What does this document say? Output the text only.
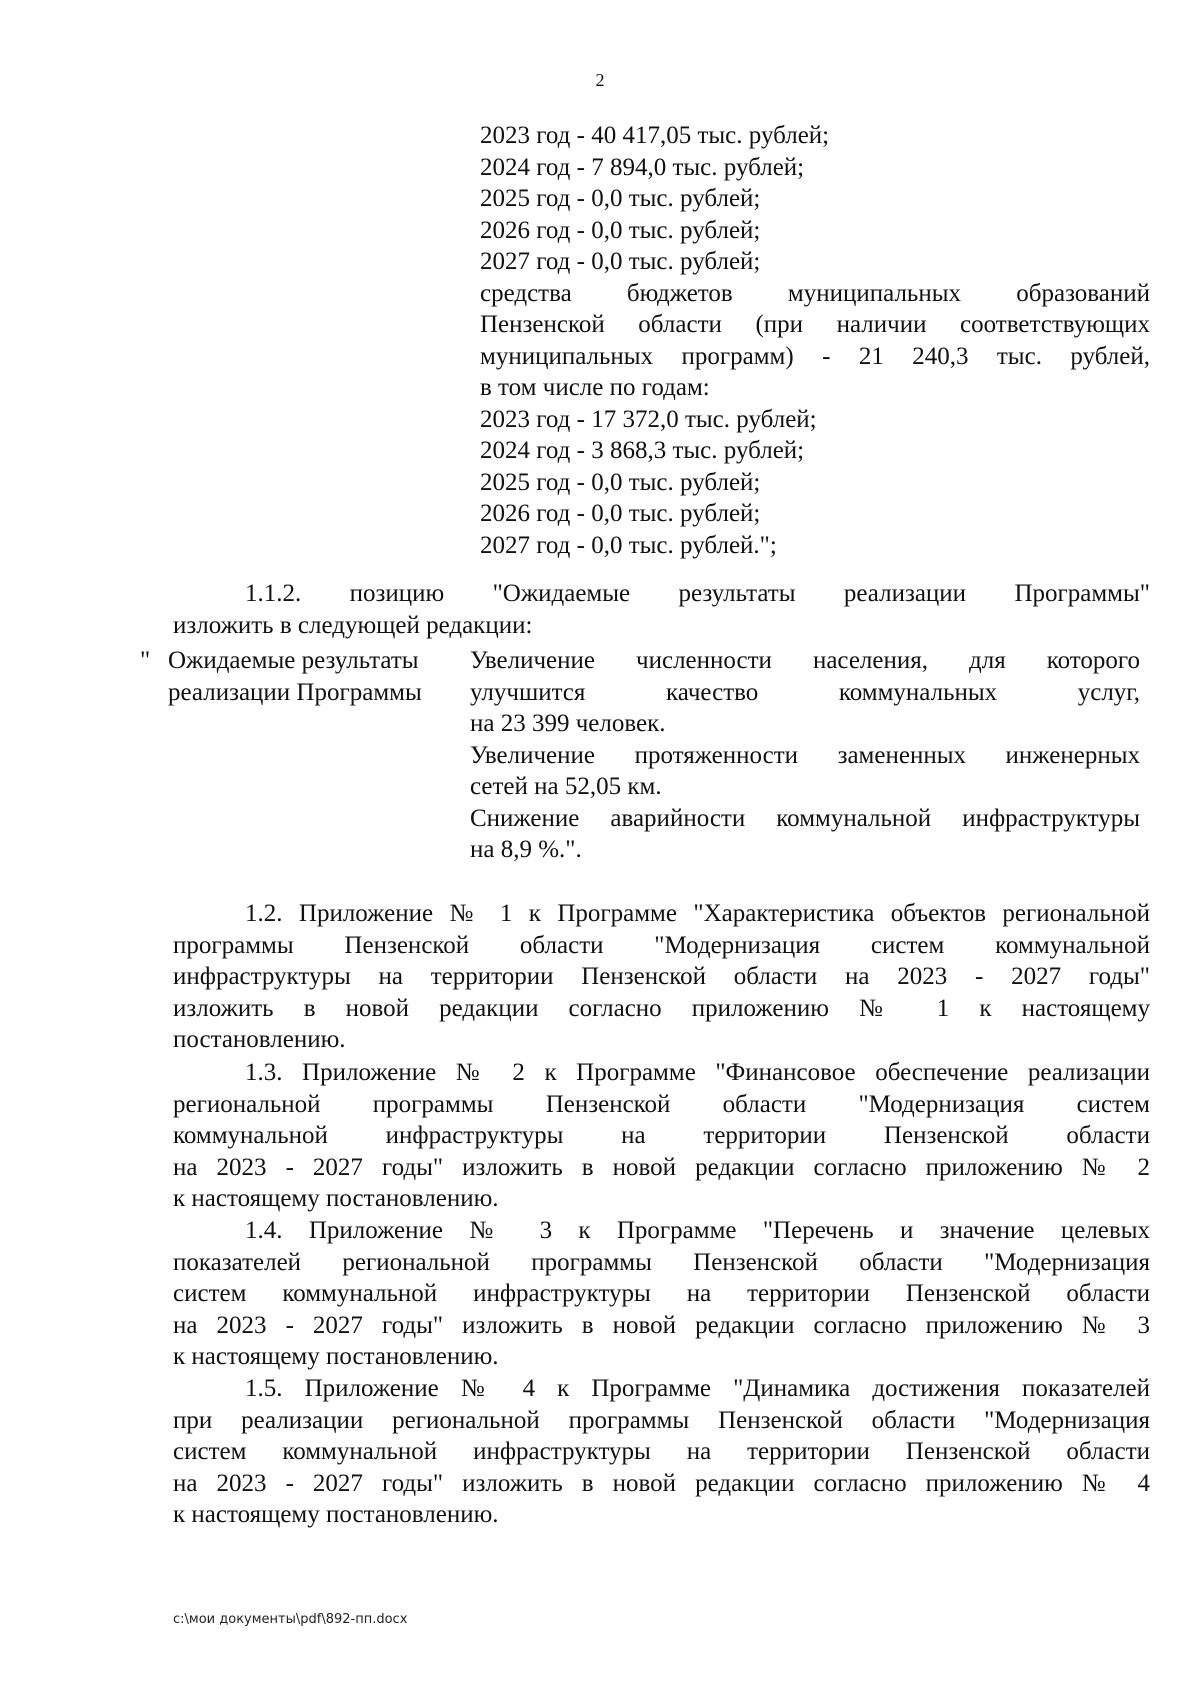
2
2023 год - 40 417,05 тыс. рублей;
2024 год - 7 894,0 тыс. рублей;
2025 год - 0,0 тыс. рублей;
2026 год - 0,0 тыс. рублей;
2027 год - 0,0 тыс. рублей;
средства бюджетов муниципальных образований
Пензенской области (при наличии соответствующих
муниципальных программ) - 21 240,3 тыс. рублей,
в том числе по годам:
2023 год - 17 372,0 тыс. рублей;
2024 год - 3 868,3 тыс. рублей;
2025 год - 0,0 тыс. рублей;
2026 год - 0,0 тыс. рублей;
2027 год - 0,0 тыс. рублей.";
1.1.2. позицию "Ожидаемые результаты реализации Программы"
изложить в следующей редакции:
" Ожидаемые результаты
реализации Программы
Увеличение численности населения, для которого
улучшится качество коммунальных услуг,
на 23 399 человек.
Увеличение протяженности замененных инженерных
сетей на 52,05 км.
Снижение аварийности коммунальной инфраструктуры
на 8,9 %.".
1.2. Приложение № 1 к Программе "Характеристика объектов региональной
программы Пензенской области "Модернизация систем коммунальной
инфраструктуры на территории Пензенской области на 2023 - 2027 годы"
изложить в новой редакции согласно приложению № 1 к настоящему
постановлению.
1.3. Приложение № 2 к Программе "Финансовое обеспечение реализации
региональной программы Пензенской области "Модернизация систем
коммунальной инфраструктуры на территории Пензенской области
на 2023 - 2027 годы" изложить в новой редакции согласно приложению № 2
к настоящему постановлению.
1.4. Приложение № 3 к Программе "Перечень и значение целевых
показателей региональной программы Пензенской области "Модернизация
систем коммунальной инфраструктуры на территории Пензенской области
на 2023 - 2027 годы" изложить в новой редакции согласно приложению № 3
к настоящему постановлению.
1.5. Приложение № 4 к Программе "Динамика достижения показателей
при реализации региональной программы Пензенской области "Модернизация
систем коммунальной инфраструктуры на территории Пензенской области
на 2023 - 2027 годы" изложить в новой редакции согласно приложению № 4
к настоящему постановлению.
c:\мои документы\pdf\892-пп.docx
